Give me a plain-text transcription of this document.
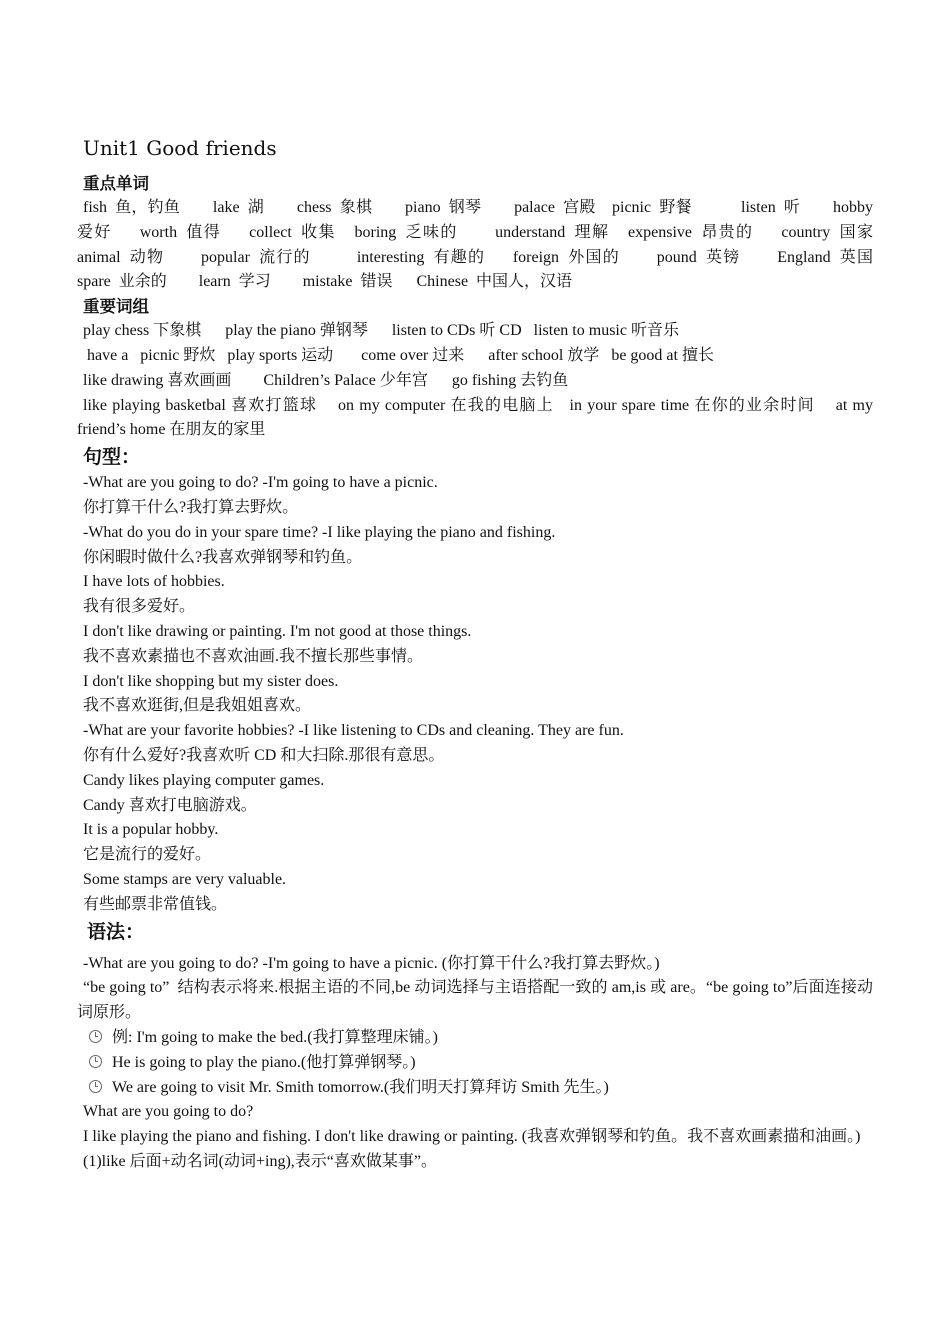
Unit1 Good friends
重点单词
fish 鱼，钓鱼    lake 湖    chess 象棋    piano 钢琴    palace 宫殿  picnic 野餐      listen 听    hobby 爱好   worth 值得   collect 收集  boring 乏味的    understand 理解  expensive 昂贵的   country 国家    animal 动物    popular 流行的     interesting 有趣的   foreign 外国的    pound 英镑    England 英国  spare 业余的    learn 学习    mistake 错误   Chinese 中国人，汉语
重要词组
play chess 下象棋      play the piano 弹钢琴      listen to CDs 听 CD   listen to music 听音乐
have a   picnic 野炊   play sports 运动       come over 过来      after school 放学   be good at 擅长
like drawing 喜欢画画        Children’s Palace 少年宫      go fishing 去钓鱼
like playing basketbal 喜欢打篮球    on my computer 在我的电脑上   in your spare time 在你的业余时间    at my friend’s home 在朋友的家里
句型：
-What are you going to do? -I'm going to have a picnic.
你打算干什么?我打算去野炊。
-What do you do in your spare time? -I like playing the piano and fishing.
你闲暇时做什么?我喜欢弹钢琴和钓鱼。
I have lots of hobbies.
我有很多爱好。
I don't like drawing or painting. I'm not good at those things.
我不喜欢素描也不喜欢油画.我不擅长那些事情。
I don't like shopping but my sister does.
我不喜欢逛街,但是我姐姐喜欢。
-What are your favorite hobbies? -I like listening to CDs and cleaning. They are fun.
你有什么爱好?我喜欢听 CD 和大扫除.那很有意思。
Candy likes playing computer games.
Candy 喜欢打电脑游戏。
It is a popular hobby.
它是流行的爱好。
Some stamps are very valuable.
有些邮票非常值钱。
语法：
-What are you going to do? -I'm going to have a picnic. (你打算干什么?我打算去野炊。)
“be going to”  结构表示将来.根据主语的不同,be 动词选择与主语搭配一致的 am,is 或 are。“be going to”后面连接动词原形。
例: I'm going to make the bed.(我打算整理床铺。)
He is going to play the piano.(他打算弹钢琴。)
We are going to visit Mr. Smith tomorrow.(我们明天打算拜访 Smith 先生。)
What are you going to do?
I like playing the piano and fishing. I don't like drawing or painting. (我喜欢弹钢琴和钓鱼。我不喜欢画素描和油画。)
(1)like 后面+动名词(动词+ing),表示“喜欢做某事”。
